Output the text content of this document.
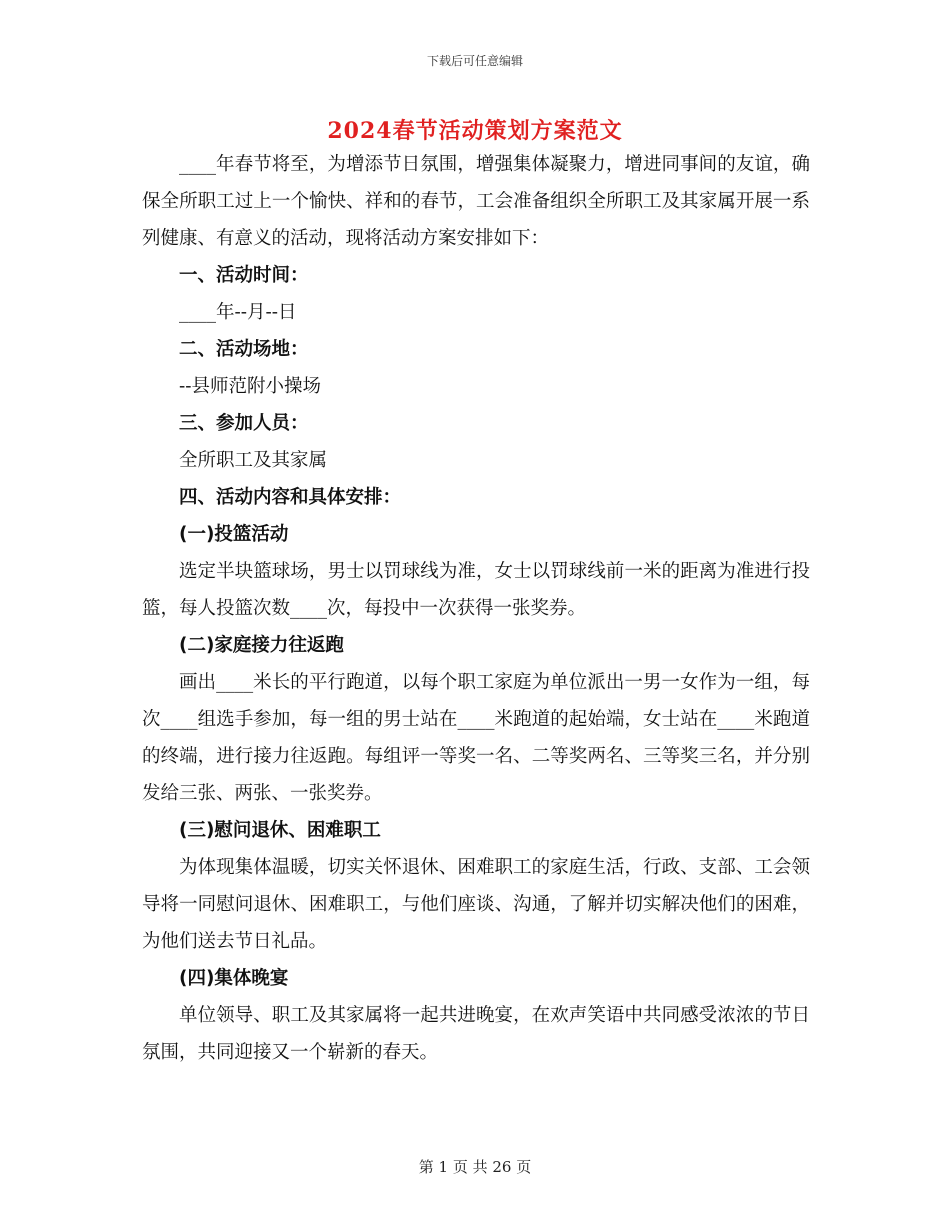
下载后可任意编辑
2024春节活动策划方案范文

____年春节将至，为增添节日氛围，增强集体凝聚力，增进同事间的友谊，确保全所职工过上一个愉快、祥和的春节，工会准备组织全所职工及其家属开展一系列健康、有意义的活动，现将活动方案安排如下：

一、活动时间：

____年--月--日

二、活动场地：

--县师范附小操场

三、参加人员：

全所职工及其家属

四、活动内容和具体安排：

(一)投篮活动

选定半块篮球场，男士以罚球线为准，女士以罚球线前一米的距离为准进行投篮，每人投篮次数____次，每投中一次获得一张奖券。

(二)家庭接力往返跑

画出____米长的平行跑道，以每个职工家庭为单位派出一男一女作为一组，每次____组选手参加，每一组的男士站在____米跑道的起始端，女士站在____米跑道的终端，进行接力往返跑。每组评一等奖一名、二等奖两名、三等奖三名，并分别发给三张、两张、一张奖券。

(三)慰问退休、困难职工

为体现集体温暖，切实关怀退休、困难职工的家庭生活，行政、支部、工会领导将一同慰问退休、困难职工，与他们座谈、沟通，了解并切实解决他们的困难，为他们送去节日礼品。

(四)集体晚宴

单位领导、职工及其家属将一起共进晚宴，在欢声笑语中共同感受浓浓的节日氛围，共同迎接又一个崭新的春天。

第 1 页 共 26 页
